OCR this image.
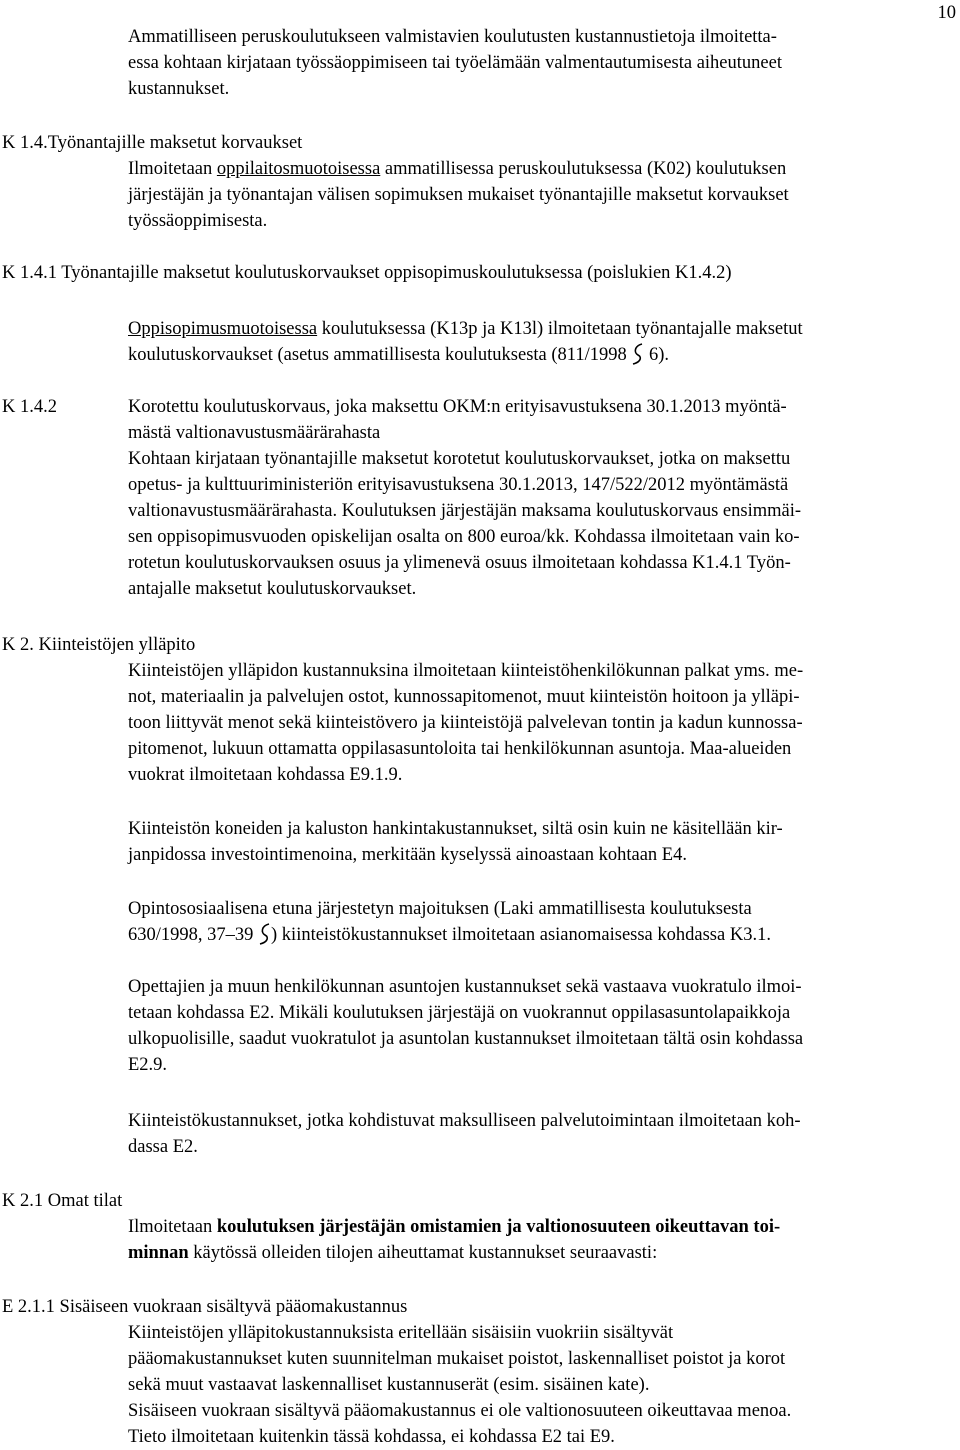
10
Ammatilliseen peruskoulutukseen valmistavien koulutusten kustannustietoja ilmoitetta-
essa kohtaan kirjataan työssäoppimiseen tai työelämään valmentautumisesta aiheutuneet
kustannukset.
K 1.4.Työnantajille maksetut korvaukset
Ilmoitetaan oppilaitosmuotoisessa ammatillisessa peruskoulutuksessa (K02) koulutuksen
järjestäjän ja työnantajan välisen sopimuksen mukaiset työnantajille maksetut korvaukset
työssäoppimisesta.
K 1.4.1 Työnantajille maksetut koulutuskorvaukset oppisopimuskoulutuksessa (poislukien K1.4.2)
Oppisopimusmuotoisessa koulutuksessa (K13p ja K13l) ilmoitetaan työnantajalle maksetut
koulutuskorvaukset (asetus ammatillisesta koulutuksesta (811/1998
6).
K 1.4.2	Korotettu koulutuskorvaus, joka maksettu OKM:n erityisavustuksena 30.1.2013 myöntä-
mästä valtionavustusmäärärahasta
Kohtaan kirjataan työnantajille maksetut korotetut koulutuskorvaukset, jotka on maksettu
opetus- ja kulttuuriministeriön erityisavustuksena 30.1.2013, 147/522/2012 myöntämästä
valtionavustusmäärärahasta. Koulutuksen järjestäjän maksama koulutuskorvaus ensimmäi-
sen oppisopimusvuoden opiskelijan osalta on 800 euroa/kk. Kohdassa ilmoitetaan vain ko-
rotetun koulutuskorvauksen osuus ja ylimenevä osuus ilmoitetaan kohdassa K1.4.1 Työn-
antajalle maksetut koulutuskorvaukset.
K 2. Kiinteistöjen ylläpito
Kiinteistöjen ylläpidon kustannuksina ilmoitetaan kiinteistöhenkilökunnan palkat yms. me-
not, materiaalin ja palvelujen ostot, kunnossapitomenot, muut kiinteistön hoitoon ja ylläpi-
toon liittyvät menot sekä kiinteistövero ja kiinteistöjä palvelevan tontin ja kadun kunnossa-
pitomenot, lukuun ottamatta oppilasasuntoloita tai henkilökunnan asuntoja. Maa-alueiden
vuokrat ilmoitetaan kohdassa E9.1.9.
Kiinteistön koneiden ja kaluston hankintakustannukset, siltä osin kuin ne käsitellään kir-
janpidossa investointimenoina, merkitään kyselyssä ainoastaan kohtaan E4.
Opintososiaalisena etuna järjestetyn majoituksen (Laki ammatillisesta koulutuksesta
630/1998, 37–39
) kiinteistökustannukset ilmoitetaan asianomaisessa kohdassa K3.1.
Opettajien ja muun henkilökunnan asuntojen kustannukset sekä vastaava vuokratulo ilmoi-
tetaan kohdassa E2. Mikäli koulutuksen järjestäjä on vuokrannut oppilasasuntolapaikkoja
ulkopuolisille, saadut vuokratulot ja asuntolan kustannukset ilmoitetaan tältä osin kohdassa
E2.9.
Kiinteistökustannukset, jotka kohdistuvat maksulliseen palvelutoimintaan ilmoitetaan koh-
dassa E2.
K 2.1 Omat tilat
Ilmoitetaan koulutuksen järjestäjän omistamien ja valtionosuuteen oikeuttavan toi-
minnan käytössä olleiden tilojen aiheuttamat kustannukset seuraavasti:
E 2.1.1 Sisäiseen vuokraan sisältyvä pääomakustannus
Kiinteistöjen ylläpitokustannuksista eritellään sisäisiin vuokriin sisältyvät
pääomakustannukset kuten suunnitelman mukaiset poistot, laskennalliset poistot ja korot
sekä muut vastaavat laskennalliset kustannuserät (esim. sisäinen kate).
Sisäiseen vuokraan sisältyvä pääomakustannus ei ole valtionosuuteen oikeuttavaa menoa.
Tieto ilmoitetaan kuitenkin tässä kohdassa, ei kohdassa E2 tai E9.
